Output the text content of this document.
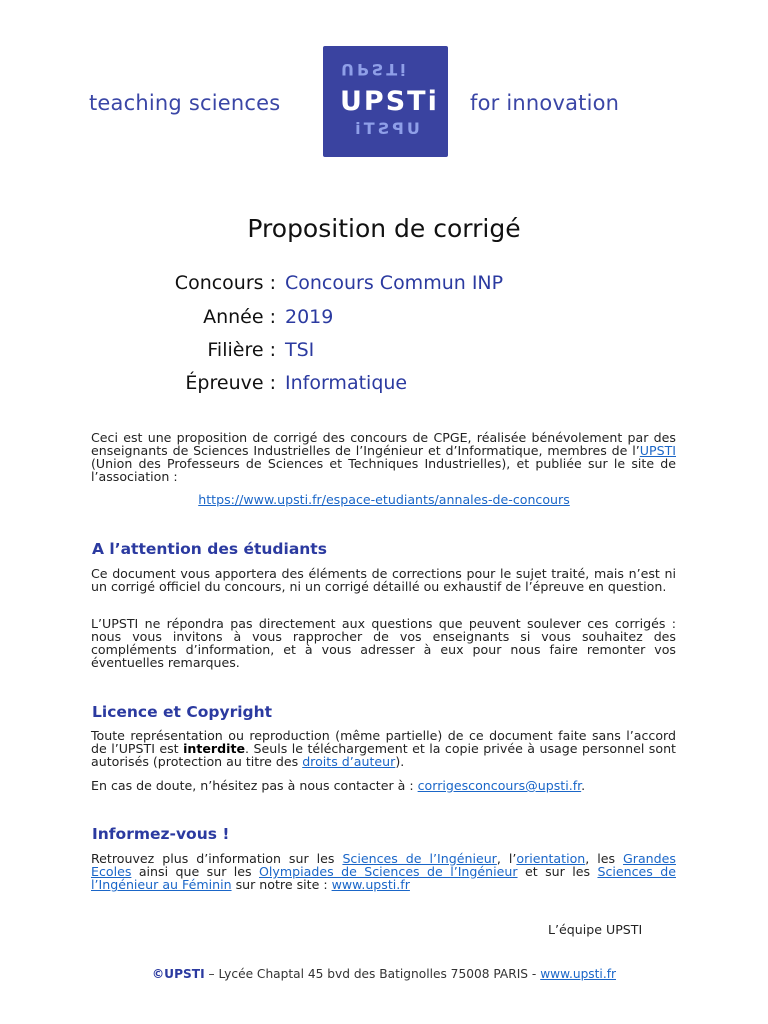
teaching sciences
UPSTi
UPSTi
UPSTi
for innovation
Proposition de corrigé
Concours : Concours Commun INP
Année : 2019
Filière : TSI
Épreuve : Informatique
Ceci est une proposition de corrigé des concours de CPGE, réalisée bénévolement par des enseignants de Sciences Industrielles de l’Ingénieur et d’Informatique, membres de l’UPSTI (Union des Professeurs de Sciences et Techniques Industrielles), et publiée sur le site de l’association :
https://www.upsti.fr/espace-etudiants/annales-de-concours
A l’attention des étudiants
Ce document vous apportera des éléments de corrections pour le sujet traité, mais n’est ni un corrigé officiel du concours, ni un corrigé détaillé ou exhaustif de l’épreuve en question.
L’UPSTI ne répondra pas directement aux questions que peuvent soulever ces corrigés : nous vous invitons à vous rapprocher de vos enseignants si vous souhaitez des compléments d’information, et à vous adresser à eux pour nous faire remonter vos éventuelles remarques.
Licence et Copyright
Toute représentation ou reproduction (même partielle) de ce document faite sans l’accord de l’UPSTI est interdite. Seuls le téléchargement et la copie privée à usage personnel sont autorisés (protection au titre des droits d’auteur).
En cas de doute, n’hésitez pas à nous contacter à : corrigesconcours@upsti.fr.
Informez-vous !
Retrouvez plus d’information sur les Sciences de l’Ingénieur, l’orientation, les Grandes Ecoles ainsi que sur les Olympiades de Sciences de l’Ingénieur et sur les Sciences de l’Ingénieur au Féminin sur notre site : www.upsti.fr
L’équipe UPSTI
©UPSTI – Lycée Chaptal 45 bvd des Batignolles 75008 PARIS - www.upsti.fr
